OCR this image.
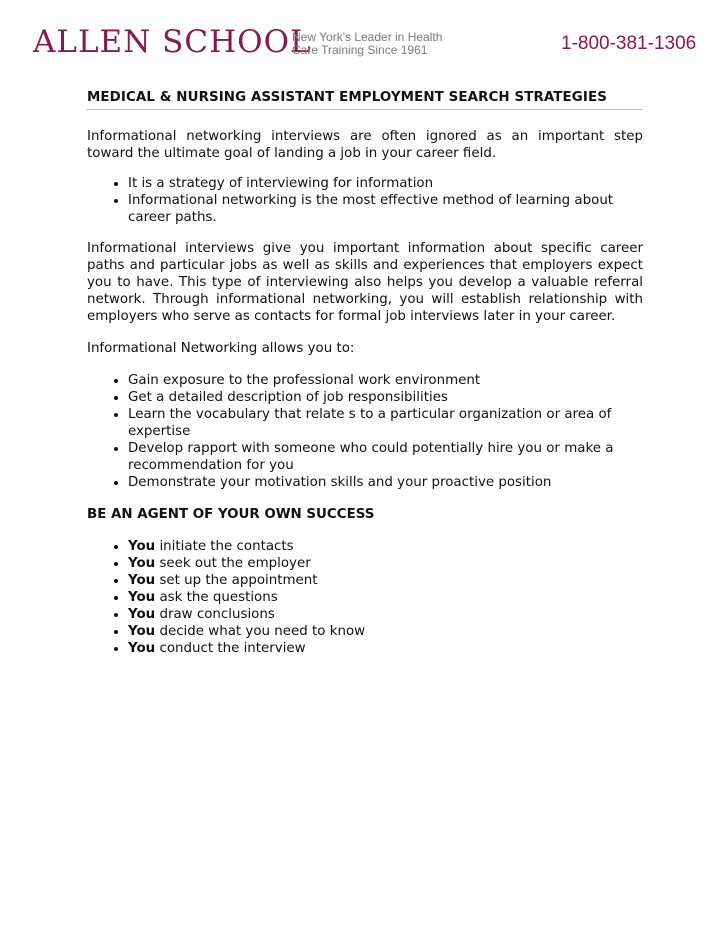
ALLEN SCHOOL
New York's Leader in Health
Care Training Since 1961	1-800-381-1306

MEDICAL & NURSING ASSISTANT EMPLOYMENT SEARCH STRATEGIES

Informational networking interviews are often ignored as an important step toward the ultimate goal of landing a job in your career field.

• It is a strategy of interviewing for information
• Informational networking is the most effective method of learning about career paths.

Informational interviews give you important information about specific career paths and particular jobs as well as skills and experiences that employers expect you to have. This type of interviewing also helps you develop a valuable referral network. Through informational networking, you will establish relationship with employers who serve as contacts for formal job interviews later in your career.

Informational Networking allows you to:

• Gain exposure to the professional work environment
• Get a detailed description of job responsibilities
• Learn the vocabulary that relate s to a particular organization or area of expertise
• Develop rapport with someone who could potentially hire you or make a recommendation for you
• Demonstrate your motivation skills and your proactive position

BE AN AGENT OF YOUR OWN SUCCESS

• You initiate the contacts
• You seek out the employer
• You set up the appointment
• You ask the questions
• You draw conclusions
• You decide what you need to know
• You conduct the interview
